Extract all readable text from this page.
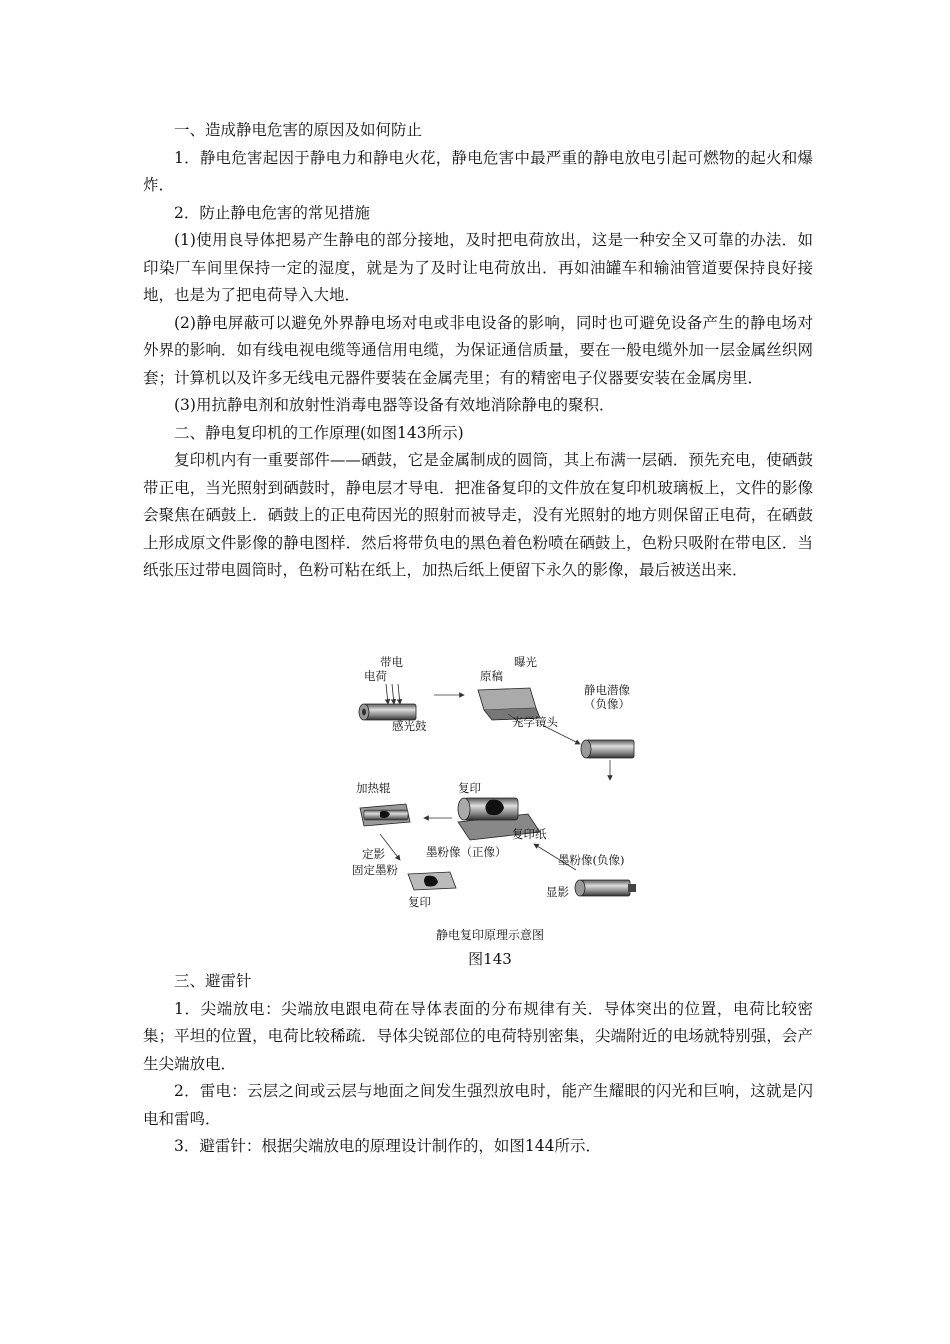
一、造成静电危害的原因及如何防止

1．静电危害起因于静电力和静电火花，静电危害中最严重的静电放电引起可燃物的起火和爆炸．

2．防止静电危害的常见措施

(1)使用良导体把易产生静电的部分接地，及时把电荷放出，这是一种安全又可靠的办法．如印染厂车间里保持一定的湿度，就是为了及时让电荷放出．再如油罐车和输油管道要保持良好接地，也是为了把电荷导入大地．

(2)静电屏蔽可以避免外界静电场对电或非电设备的影响，同时也可避免设备产生的静电场对外界的影响．如有线电视电缆等通信用电缆，为保证通信质量，要在一般电缆外加一层金属丝织网套；计算机以及许多无线电元器件要装在金属壳里；有的精密电子仪器要安装在金属房里．

(3)用抗静电剂和放射性消毒电器等设备有效地消除静电的聚积．

二、静电复印机的工作原理(如图143所示)

复印机内有一重要部件——硒鼓，它是金属制成的圆筒，其上布满一层硒．预先充电，使硒鼓带正电，当光照射到硒鼓时，静电层才导电．把准备复印的文件放在复印机玻璃板上，文件的影像会聚焦在硒鼓上．硒鼓上的正电荷因光的照射而被导走，没有光照射的地方则保留正电荷，在硒鼓上形成原文件影像的静电图样．然后将带负电的黑色着色粉喷在硒鼓上，色粉只吸附在带电区．当纸张压过带电圆筒时，色粉可粘在纸上，加热后纸上便留下永久的影像，最后被送出来．

带电
电荷
感光鼓
曝光
原稿
光学镜头
静电潜像
（负像）
加热辊	复印
复印纸
墨粉像（正像）
墨粉像(负像)
定影
固定墨粉
显影
复印
静电复印原理示意图
图143

三、避雷针

1．尖端放电：尖端放电跟电荷在导体表面的分布规律有关．导体突出的位置，电荷比较密集；平坦的位置，电荷比较稀疏．导体尖锐部位的电荷特别密集，尖端附近的电场就特别强，会产生尖端放电．

2．雷电：云层之间或云层与地面之间发生强烈放电时，能产生耀眼的闪光和巨响，这就是闪电和雷鸣．

3．避雷针：根据尖端放电的原理设计制作的，如图144所示．
